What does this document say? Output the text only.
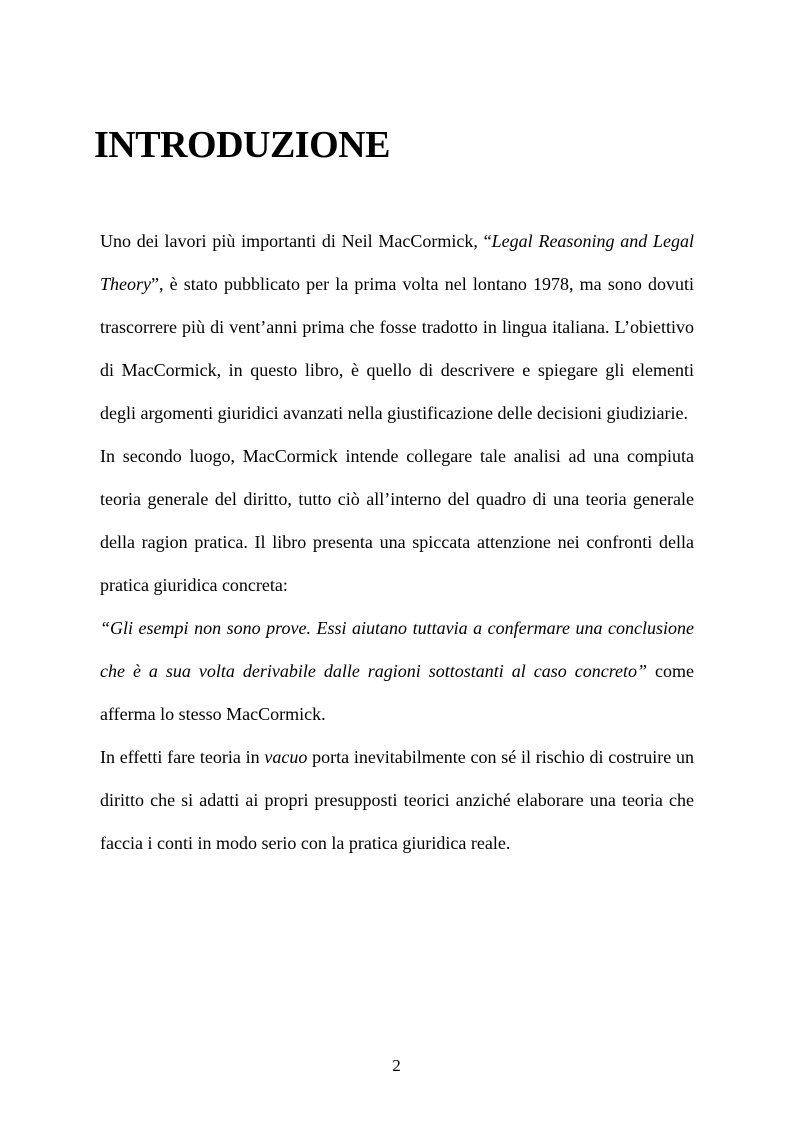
INTRODUZIONE

Uno dei lavori più importanti di Neil MacCormick, “Legal Reasoning and Legal Theory”, è stato pubblicato per la prima volta nel lontano 1978, ma sono dovuti trascorrere più di vent’anni prima che fosse tradotto in lingua italiana. L’obiettivo di MacCormick, in questo libro, è quello di descrivere e spiegare gli elementi degli argomenti giuridici avanzati nella giustificazione delle decisioni giudiziarie.

In secondo luogo, MacCormick intende collegare tale analisi ad una compiuta teoria generale del diritto, tutto ciò all’interno del quadro di una teoria generale della ragion pratica. Il libro presenta una spiccata attenzione nei confronti della pratica giuridica concreta:

“Gli esempi non sono prove. Essi aiutano tuttavia a confermare una conclusione che è a sua volta derivabile dalle ragioni sottostanti al caso concreto” come afferma lo stesso MacCormick.

In effetti fare teoria in vacuo porta inevitabilmente con sé il rischio di costruire un diritto che si adatti ai propri presupposti teorici anziché elaborare una teoria che faccia i conti in modo serio con la pratica giuridica reale.

2
